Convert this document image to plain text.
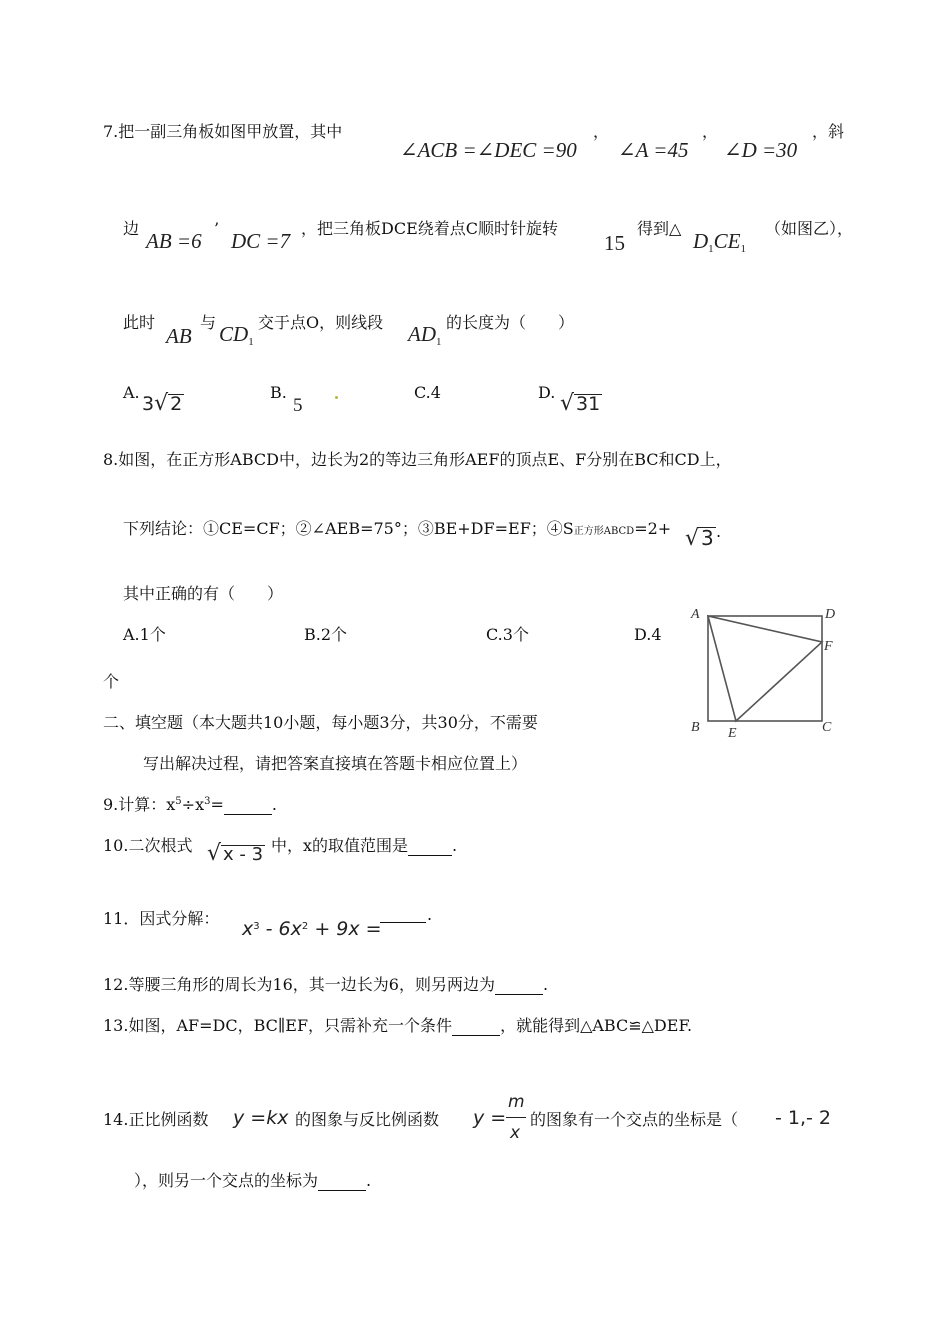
7.把一副三角板如图甲放置，其中
∠ACB =∠DEC =90
，
∠A =45
，
∠D =30
，斜
边
AB =6
’
DC =7
，把三角板DCE绕着点C顺时针旋转
15
得到△
$D_1CE_1$
（如图乙），
此时
AB
与 $CD_1$
交于点O，则线段 $AD_1$
的长度为（　　）
A.
3√ 2
B.
5
C.4	D. √ 31
8.如图，在正方形ABCD中，边长为2的等边三角形AEF的顶点E、F分别在BC和CD上，
下列结论：①CE=CF；②∠AEB=75°；③BE+DF=EF；④S正方形ABCD=2+ √ 3 .
其中正确的有（　　）
A.1个	B.2个	C.3个	D.4
个
A	D
F
B E	C
二、填空题（本大题共10小题，每小题3分，共30分，不需要
写出解决过程，请把答案直接填在答题卡相应位置上）
9.计算：$x^5\div x^3=$	.
10.二次根式 √ x - 3 中，x的取值范围是	.
11．因式分解： $x^3 - 6x^2 + 9x$ =
.
12.等腰三角形的周长为16，其一边长为6，则另两边为	.
13.如图，AF=DC，BC∥EF，只需补充一个条件	，就能得到△ABC≌△DEF.
14.正比例函数 y =kx 的图象与反比例函数 y =
m
x
的图象有一个交点的坐标是（ - 1,- 2
），则另一个交点的坐标为	.
